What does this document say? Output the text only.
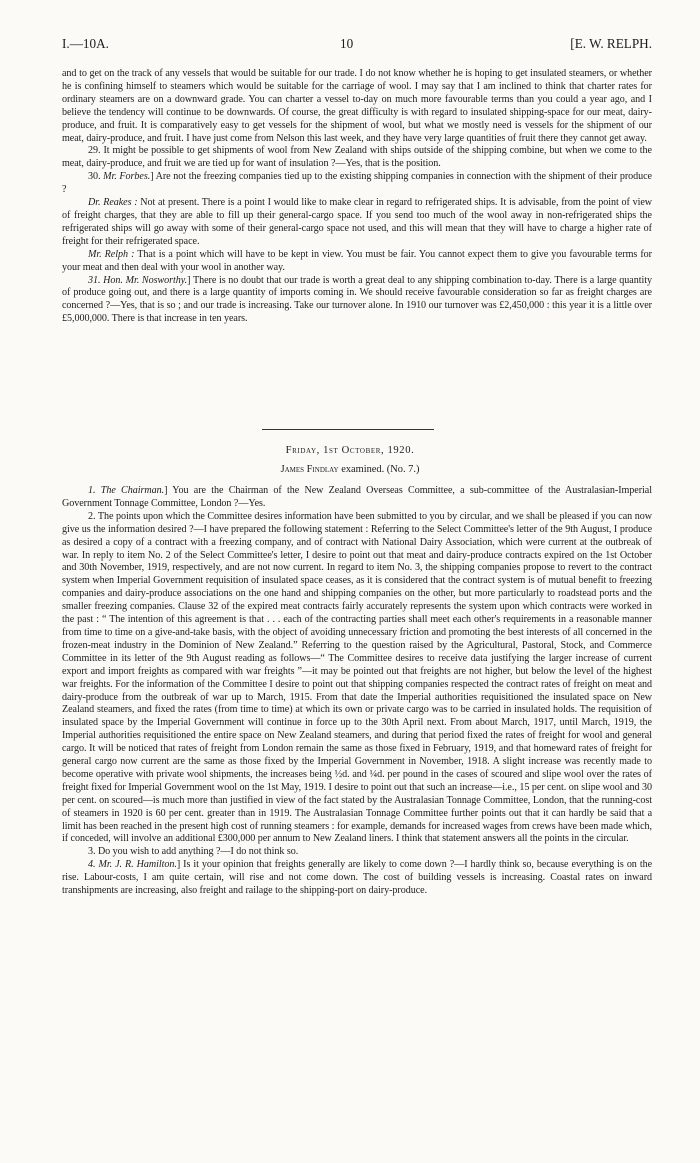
I.—10A.	10	[E. W. RELPH.

and to get on the track of any vessels that would be suitable for our trade. I do not know whether he is hoping to get insulated steamers, or whether he is confining himself to steamers which would be suitable for the carriage of wool. I may say that I am inclined to think that charter rates for ordinary steamers are on a downward grade. You can charter a vessel to-day on much more favourable terms than you could a year ago, and I believe the tendency will continue to be downwards. Of course, the great difficulty is with regard to insulated shipping-space for our meat, dairy-produce, and fruit. It is comparatively easy to get vessels for the shipment of wool, but what we mostly need is vessels for the shipment of our meat, dairy-produce, and fruit. I have just come from Nelson this last week, and they have very large quantities of fruit there they cannot get away.

29. It might be possible to get shipments of wool from New Zealand with ships outside of the shipping combine, but when we come to the meat, dairy-produce, and fruit we are tied up for want of insulation ?—Yes, that is the position.

30. Mr. Forbes.] Are not the freezing companies tied up to the existing shipping companies in connection with the shipment of their produce ?

Dr. Reakes : Not at present. There is a point I would like to make clear in regard to refrigerated ships. It is advisable, from the point of view of freight charges, that they are able to fill up their general-cargo space. If you send too much of the wool away in non-refrigerated ships the refrigerated ships will go away with some of their general-cargo space not used, and this will mean that they will have to charge a higher rate of freight for their refrigerated space.

Mr. Relph : That is a point which will have to be kept in view. You must be fair. You cannot expect them to give you favourable terms for your meat and then deal with your wool in another way.

31. Hon. Mr. Nosworthy.] There is no doubt that our trade is worth a great deal to any shipping combination to-day. There is a large quantity of produce going out, and there is a large quantity of imports coming in. We should receive favourable consideration so far as freight charges are concerned ?—Yes, that is so ; and our trade is increasing. Take our turnover alone. In 1910 our turnover was £2,450,000 : this year it is a little over £5,000,000. There is that increase in ten years.

Friday, 1st October, 1920.
James Findlay examined. (No. 7.)

1. The Chairman.] You are the Chairman of the New Zealand Overseas Committee, a sub-committee of the Australasian-Imperial Government Tonnage Committee, London ?—Yes.

2. The points upon which the Committee desires information have been submitted to you by circular, and we shall be pleased if you can now give us the information desired ?—I have prepared the following statement : Referring to the Select Committee's letter of the 9th August, I produce as desired a copy of a contract with a freezing company, and of contract with National Dairy Association, which were current at the outbreak of war. In reply to item No. 2 of the Select Committee's letter, I desire to point out that meat and dairy-produce contracts expired on the 1st October and 30th November, 1919, respectively, and are not now current. In regard to item No. 3, the shipping companies propose to revert to the contract system when Imperial Government requisition of insulated space ceases, as it is considered that the contract system is of mutual benefit to freezing companies and dairy-produce associations on the one hand and shipping companies on the other, but more particularly to roadstead ports and the smaller freezing companies. Clause 32 of the expired meat contracts fairly accurately represents the system upon which contracts were worked in the past : “ The intention of this agreement is that . . . each of the contracting parties shall meet each other's requirements in a reasonable manner from time to time on a give-and-take basis, with the object of avoiding unnecessary friction and promoting the best interests of all concerned in the frozen-meat industry in the Dominion of New Zealand.” Referring to the question raised by the Agricultural, Pastoral, Stock, and Commerce Committee in its letter of the 9th August reading as follows—“ The Committee desires to receive data justifying the larger increase of current export and import freights as compared with war freights ”—it may be pointed out that freights are not higher, but below the level of the highest war freights. For the information of the Committee I desire to point out that shipping companies respected the contract rates of freight on meat and dairy-produce from the outbreak of war up to March, 1915. From that date the Imperial authorities requisitioned the insulated space on New Zealand steamers, and fixed the rates (from time to time) at which its own or private cargo was to be carried in insulated holds. The requisition of insulated space by the Imperial Government will continue in force up to the 30th April next. From about March, 1917, until March, 1919, the Imperial authorities requisitioned the entire space on New Zealand steamers, and during that period fixed the rates of freight for wool and general cargo. It will be noticed that rates of freight from London remain the same as those fixed in February, 1919, and that homeward rates of freight for general cargo now current are the same as those fixed by the Imperial Government in November, 1918. A slight increase was recently made to become operative with private wool shipments, the increases being ½d. and ¼d. per pound in the cases of scoured and slipe wool over the rates of freight fixed for Imperial Government wool on the 1st May, 1919. I desire to point out that such an increase—i.e., 15 per cent. on slipe wool and 30 per cent. on scoured—is much more than justified in view of the fact stated by the Australasian Tonnage Committee, London, that the running-cost of steamers in 1920 is 60 per cent. greater than in 1919. The Australasian Tonnage Committee further points out that it can hardly be said that a limit has been reached in the present high cost of running steamers : for example, demands for increased wages from crews have been made which, if conceded, will involve an additional £300,000 per annum to New Zealand liners. I think that statement answers all the points in the circular.

3. Do you wish to add anything ?—I do not think so.

4. Mr. J. R. Hamilton.] Is it your opinion that freights generally are likely to come down ?—I hardly think so, because everything is on the rise. Labour-costs, I am quite certain, will rise and not come down. The cost of building vessels is increasing. Coastal rates on inward transhipments are increasing, also freight and railage to the shipping-port on dairy-produce.
